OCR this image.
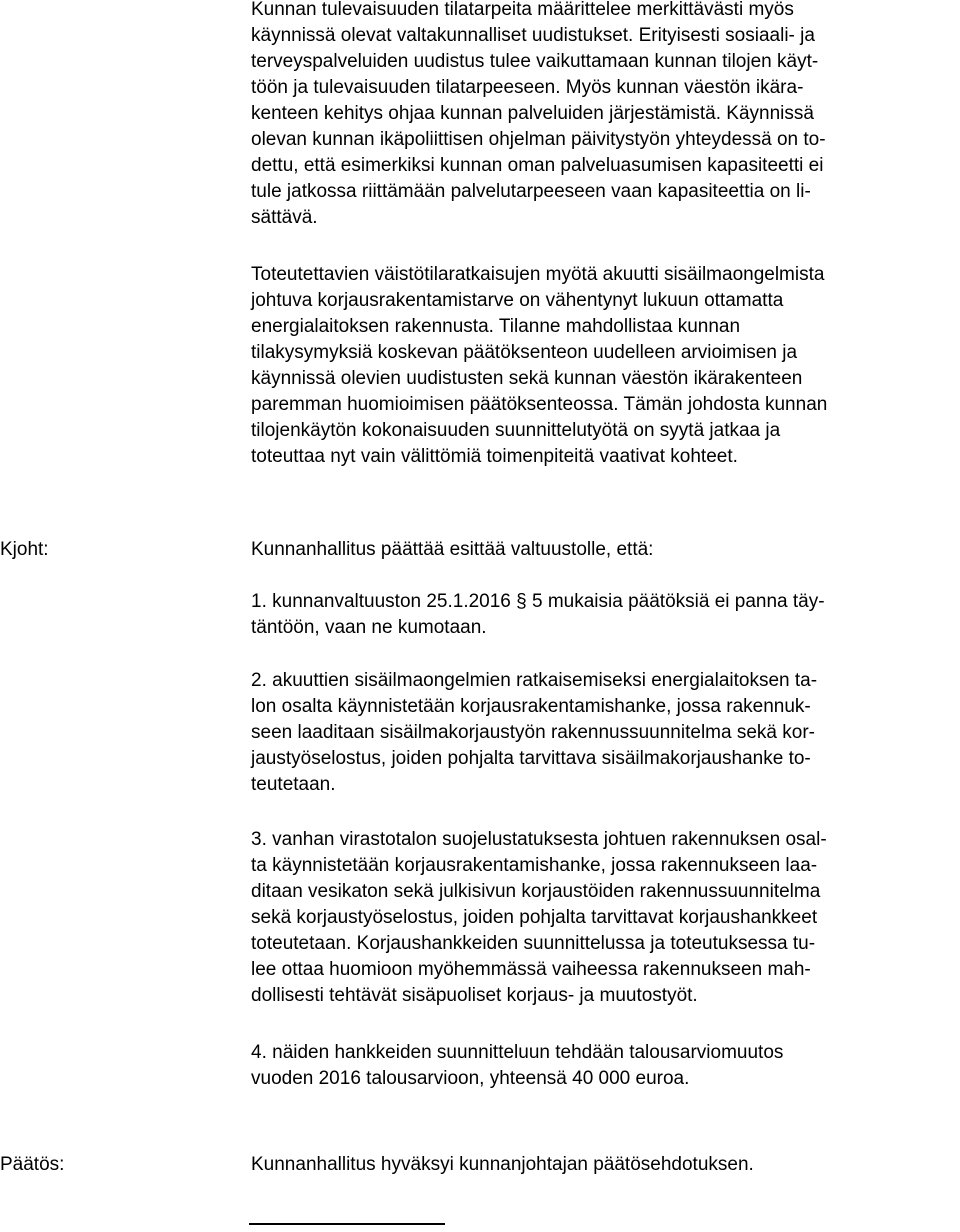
Kunnan tulevaisuuden tilatarpeita määrittelee merkittävästi myös
käynnissä olevat valtakunnalliset uudistukset. Erityisesti sosiaali- ja
terveyspalveluiden uudistus tulee vaikuttamaan kunnan tilojen käyt-
töön ja tulevaisuuden tilatarpeeseen. Myös kunnan väestön ikära-
kenteen kehitys ohjaa kunnan palveluiden järjestämistä. Käynnissä
olevan kunnan ikäpoliittisen ohjelman päivitystyön yhteydessä on to-
dettu, että esimerkiksi kunnan oman palveluasumisen kapasiteetti ei
tule jatkossa riittämään palvelutarpeeseen vaan kapasiteettia on li-
sättävä.

Toteutettavien väistötilaratkaisujen myötä akuutti sisäilmaongelmista
johtuva korjausrakentamistarve on vähentynyt lukuun ottamatta
energialaitoksen rakennusta. Tilanne mahdollistaa kunnan
tilakysymyksiä koskevan päätöksenteon uudelleen arvioimisen ja
käynnissä olevien uudistusten sekä kunnan väestön ikärakenteen
paremman huomioimisen päätöksenteossa. Tämän johdosta kunnan
tilojenkäytön kokonaisuuden suunnittelutyötä on syytä jatkaa ja
toteuttaa nyt vain välittömiä toimenpiteitä vaativat kohteet.

Kjoht:	Kunnanhallitus päättää esittää valtuustolle, että:

1. kunnanvaltuuston 25.1.2016 § 5 mukaisia päätöksiä ei panna täy-
täntöön, vaan ne kumotaan.

2. akuuttien sisäilmaongelmien ratkaisemiseksi energialaitoksen ta-
lon osalta käynnistetään korjausrakentamishanke, jossa rakennuk-
seen laaditaan sisäilmakorjaustyön rakennussuunnitelma sekä kor-
jaustyöselostus, joiden pohjalta tarvittava sisäilmakorjaushanke to-
teutetaan.

3. vanhan virastotalon suojelustatuksesta johtuen rakennuksen osal-
ta käynnistetään korjausrakentamishanke, jossa rakennukseen laa-
ditaan vesikaton sekä julkisivun korjaustöiden rakennussuunnitelma
sekä korjaustyöselostus, joiden pohjalta tarvittavat korjaushankkeet
toteutetaan. Korjaushankkeiden suunnittelussa ja toteutuksessa tu-
lee ottaa huomioon myöhemmässä vaiheessa rakennukseen mah-
dollisesti tehtävät sisäpuoliset korjaus- ja muutostyöt.

4. näiden hankkeiden suunnitteluun tehdään talousarviomuutos
vuoden 2016 talousarvioon, yhteensä 40 000 euroa.

Päätös:	Kunnanhallitus hyväksyi kunnanjohtajan päätösehdotuksen.
